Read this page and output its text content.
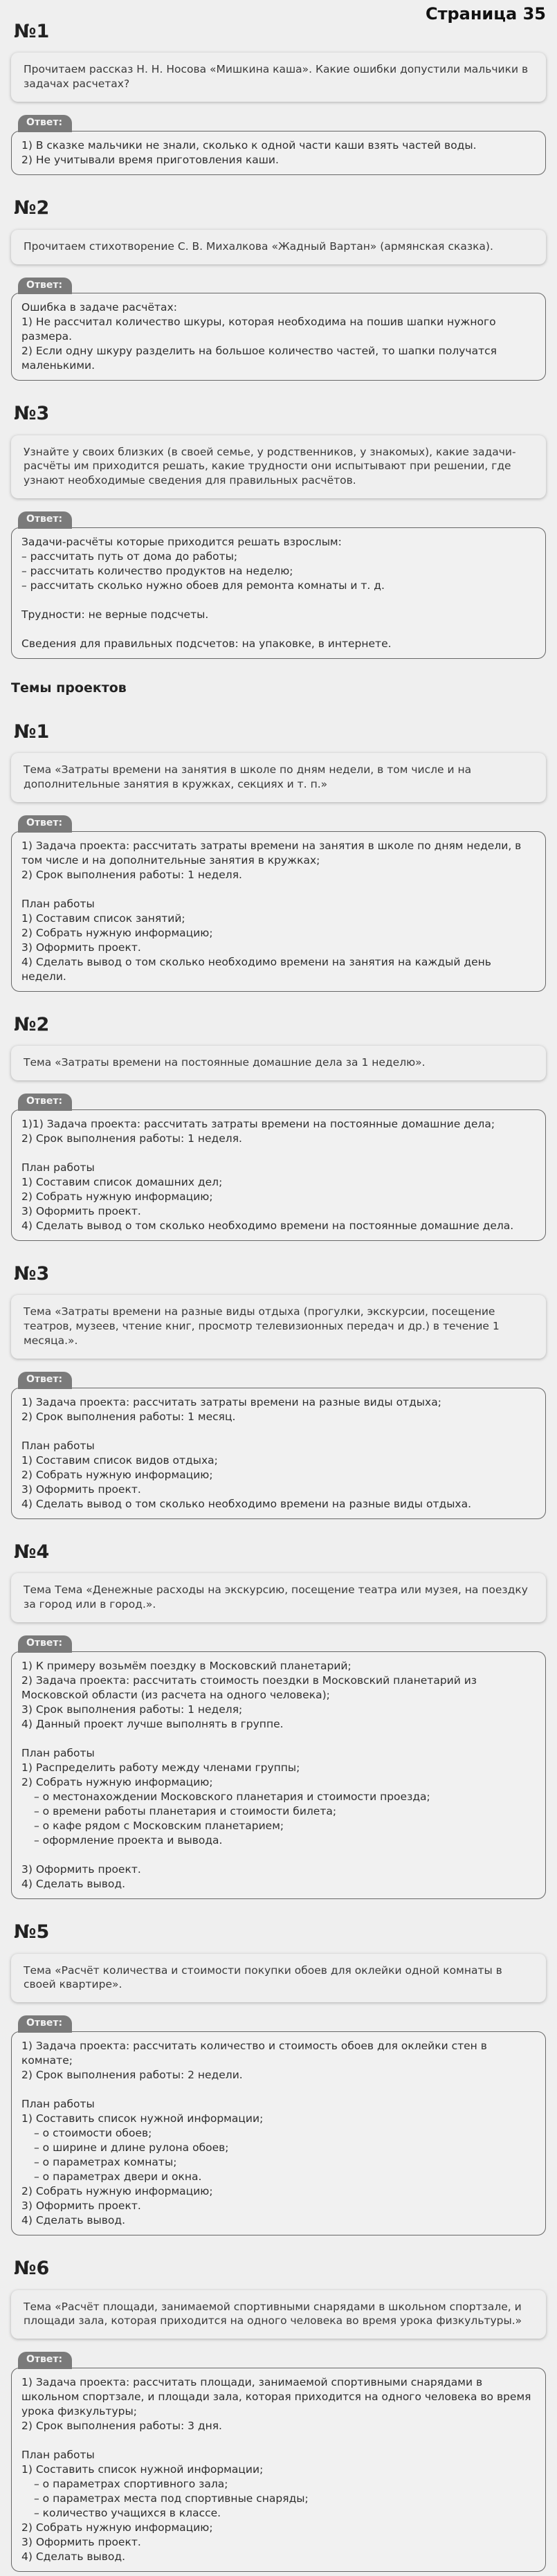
Страница 35
№1
Прочитаем рассказ Н. Н. Носова «Мишкина каша». Какие ошибки допустили мальчики в задачах расчетах?
Ответ:

1) В сказке мальчики не знали, сколько к одной части каши взять частей воды.

2) Не учитывали время приготовления каши.

№2
Прочитаем стихотворение С. В. Михалкова «Жадный Вартан» (армянская сказка).
Ответ:

Ошибка в задаче расчётах:

1) Не рассчитал количество шкуры, которая необходима на пошив шапки нужного размера.

2) Если одну шкуру разделить на большое количество частей, то шапки получатся маленькими.

№3
Узнайте у своих близких (в своей семье, у родственников, у знакомых), какие задачи-расчёты им приходится решать, какие трудности они испытывают при решении, где узнают необходимые сведения для правильных расчётов.
Ответ:

Задачи-расчёты которые приходится решать взрослым:

– рассчитать путь от дома до работы;

– рассчитать количество продуктов на неделю;

– рассчитать сколько нужно обоев для ремонта комнаты и т. д.

Трудности: не верные подсчеты.

Сведения для правильных подсчетов: на упаковке, в интернете.

Темы проектов
№1
Тема «Затраты времени на занятия в школе по дням недели, в том числе и на дополнительные занятия в кружках, секциях и т. п.»
Ответ:

1) Задача проекта: рассчитать затраты времени на занятия в школе по дням недели, в том числе и на дополнительные занятия в кружках;

2) Срок выполнения работы: 1 неделя.

План работы

1) Составим список занятий;

2) Собрать нужную информацию;

3) Оформить проект.

4) Сделать вывод о том сколько необходимо времени на занятия на каждый день недели.

№2
Тема «Затраты времени на постоянные домашние дела за 1 неделю».
Ответ:

1)1) Задача проекта: рассчитать затраты времени на постоянные домашние дела;

2) Срок выполнения работы: 1 неделя.

План работы

1) Составим список домашних дел;

2) Собрать нужную информацию;

3) Оформить проект.

4) Сделать вывод о том сколько необходимо времени на постоянные домашние дела.

№3
Тема «Затраты времени на разные виды отдыха (прогулки, экскурсии, посещение театров, музеев, чтение книг, просмотр телевизионных передач и др.) в течение 1 месяца.».
Ответ:

1) Задача проекта: рассчитать затраты времени на разные виды отдыха;

2) Срок выполнения работы: 1 месяц.

План работы

1) Составим список видов отдыха;

2) Собрать нужную информацию;

3) Оформить проект.

4) Сделать вывод о том сколько необходимо времени на разные виды отдыха.

№4
Тема Тема «Денежные расходы на экскурсию, посещение театра или музея, на поездку за город или в город.».
Ответ:

1) К примеру возьмём поездку в Московский планетарий;

2) Задача проекта: рассчитать стоимость поездки в Московский планетарий из Московской области (из расчета на одного человека);

3) Срок выполнения работы: 1 неделя;

4) Данный проект лучше выполнять в группе.

План работы

1) Распределить работу между членами группы;

2) Собрать нужную информацию;

– о местонахождении Московского планетария и стоимости проезда;

– о времени работы планетария и стоимости билета;

– о кафе рядом с Московским планетарием;

– оформление проекта и вывода.

3) Оформить проект.

4) Сделать вывод.

№5
Тема «Расчёт количества и стоимости покупки обоев для оклейки одной комнаты в своей квартире».
Ответ:

1) Задача проекта: рассчитать количество и стоимость обоев для оклейки стен в комнате;

2) Срок выполнения работы: 2 недели.

План работы

1) Составить список нужной информации;

– о стоимости обоев;

– о ширине и длине рулона обоев;

– о параметрах комнаты;

– о параметрах двери и окна.

2) Собрать нужную информацию;

3) Оформить проект.

4) Сделать вывод.

№6
Тема «Расчёт площади, занимаемой спортивными снарядами в школьном спортзале, и площади зала, которая приходится на одного человека во время урока физкультуры.»
Ответ:

1) Задача проекта: рассчитать площади, занимаемой спортивными снарядами в школьном спортзале, и площади зала, которая приходится на одного человека во время урока физкультуры;

2) Срок выполнения работы: 3 дня.

План работы

1) Составить список нужной информации;

– о параметрах спортивного зала;

– о параметрах места под спортивные снаряды;

– количество учащихся в классе.

2) Собрать нужную информацию;

3) Оформить проект.

4) Сделать вывод.
